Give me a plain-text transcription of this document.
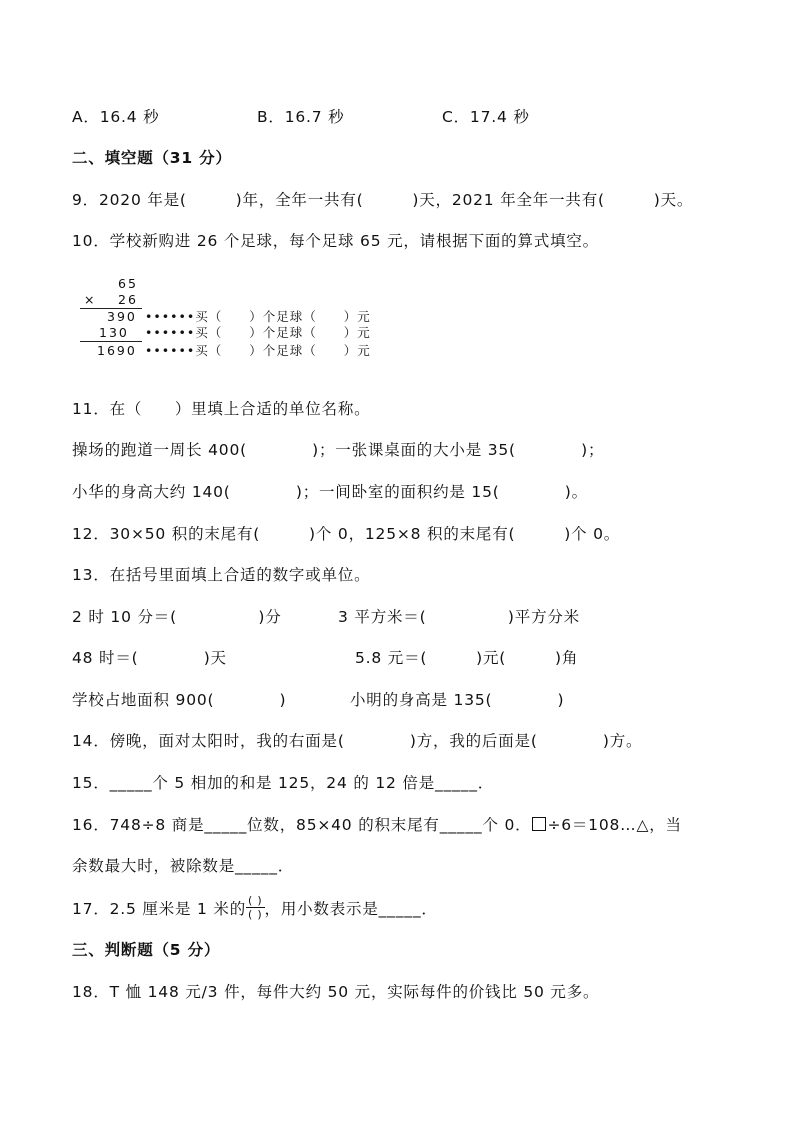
A．16.4 秒	B．16.7 秒	C．17.4 秒
二、填空题（31 分）
9．2020 年是(　　　)年，全年一共有(　　　)天，2021 年全年一共有(　　　)天。
10．学校新购进 26 个足球，每个足球 65 元，请根据下面的算式填空。
65
× 26
390 ••••••买（　　）个足球（　　）元
130 ••••••买（　　）个足球（　　）元
1690 ••••••买（　　）个足球（　　）元
11．在（　　）里填上合适的单位名称。
操场的跑道一周长 400(　　　　)；一张课桌面的大小是 35(　　　　)；
小华的身高大约 140(　　　　)；一间卧室的面积约是 15(　　　　)。
12．30×50 积的末尾有(　　　)个 0，125×8 积的末尾有(　　　)个 0。
13．在括号里面填上合适的数字或单位。
2 时 10 分＝(　　　　　)分	3 平方米＝(　　　　　)平方分米
48 时＝(　　　　)天	5.8 元＝(　　　)元(　　　)角
学校占地面积 900(　　　　)	小明的身高是 135(　　　　)
14．傍晚，面对太阳时，我的右面是(　　　　)方，我的后面是(　　　　)方。
15．_____个 5 相加的和是 125，24 的 12 倍是_____．
16．748÷8 商是_____位数，85×40 的积末尾有_____个 0． ÷6＝108…△，当
余数最大时，被除数是_____．
17．2.5 厘米是 1 米的 $\frac{( )}{( )}$ ，用小数表示是_____．
三、判断题（5 分）
18．T 恤 148 元/3 件，每件大约 50 元，实际每件的价钱比 50 元多。
